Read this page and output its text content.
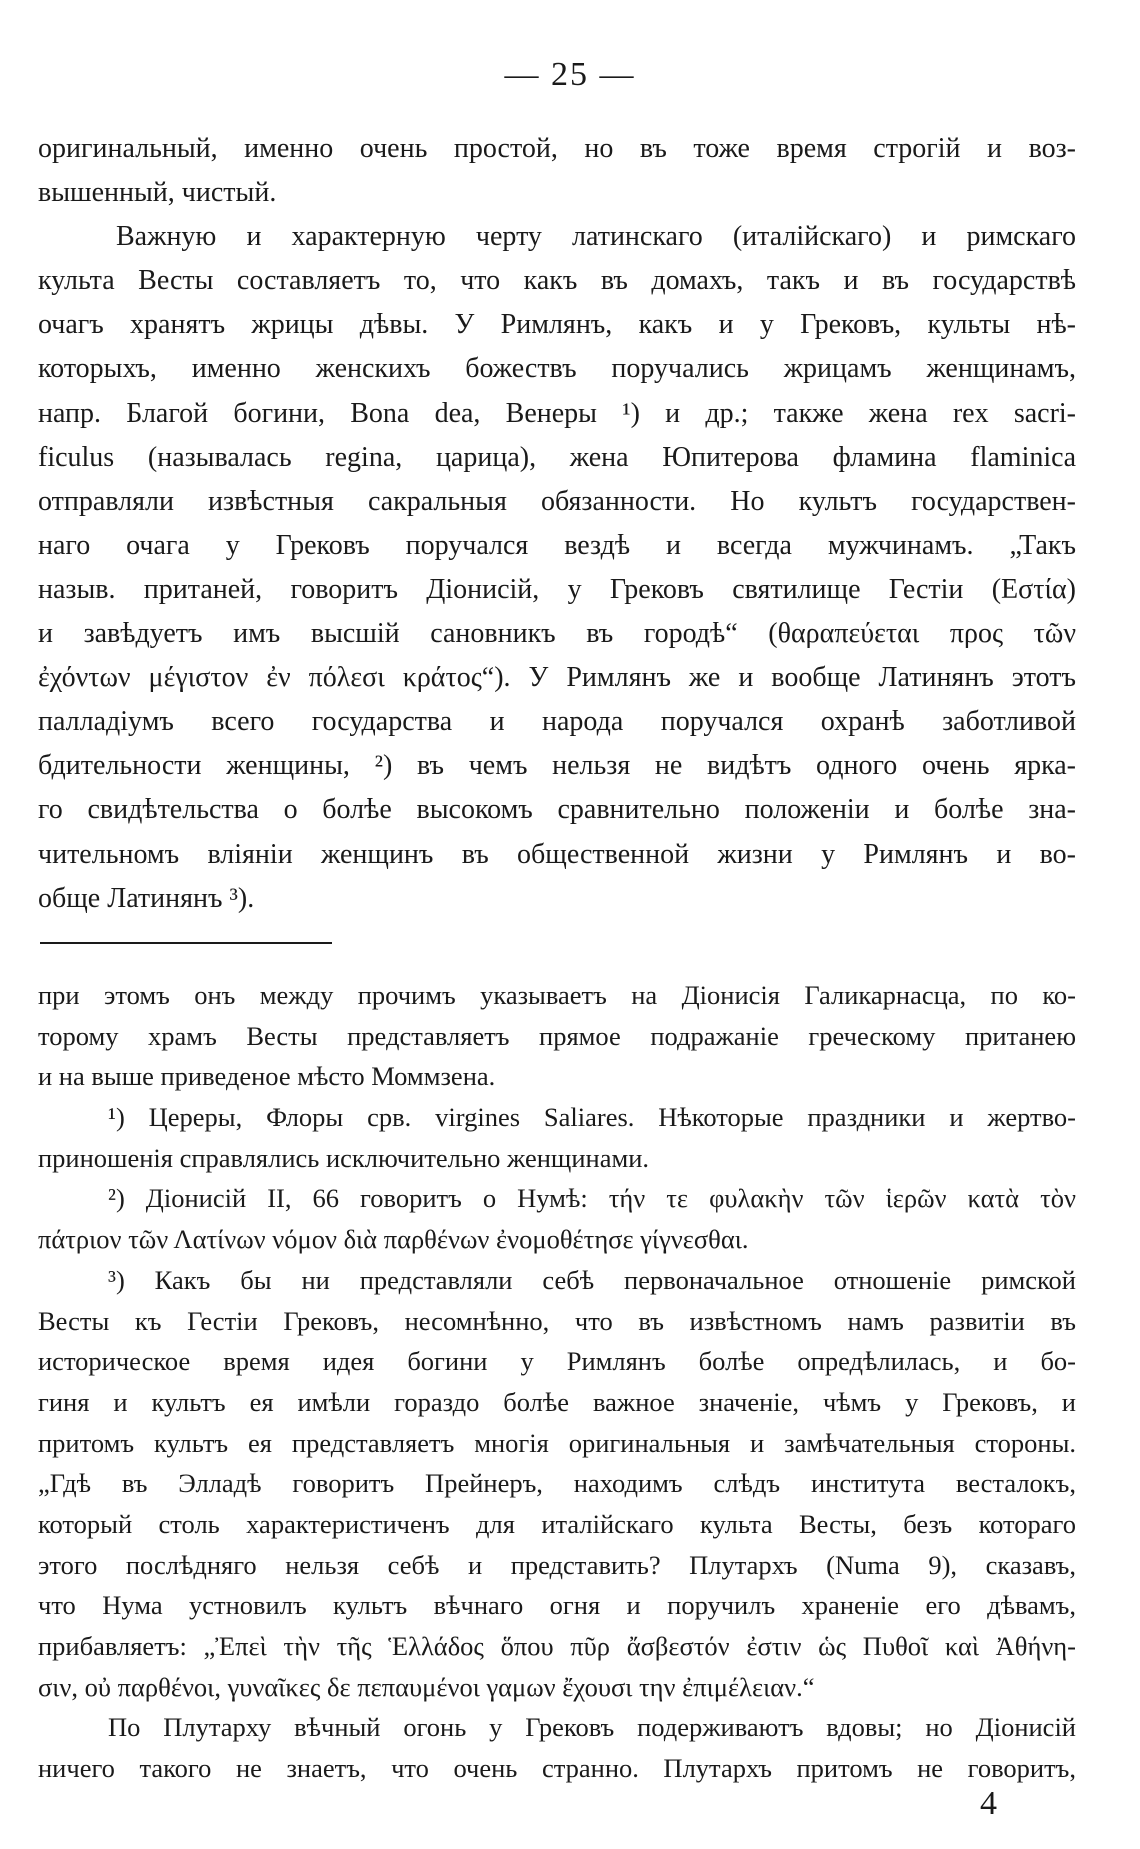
— 25 —
оригинальный, именно очень простой, но въ тоже время строгій и воз-
вышенный, чистый.
Важную и характерную черту латинскаго (италійскаго) и римскаго
культа Весты составляетъ то, что какъ въ домахъ, такъ и въ государствѣ
очагъ хранятъ жрицы дѣвы. У Римлянъ, какъ и у Грековъ, культы нѣ-
которыхъ, именно женскихъ божествъ поручались жрицамъ женщинамъ,
напр. Благой богини, Bona dea, Венеры ¹) и др.; также жена rex sacri-
ficulus (называлась regina, царица), жена Юпитерова фламина flaminica
отправляли извѣстныя сакральныя обязанности. Но культъ государствен-
наго очага у Грековъ поручался вездѣ и всегда мужчинамъ. „Такъ
назыв. пританей, говоритъ Діонисій, у Грековъ святилище Гестіи (Εστία)
и завѣдуетъ имъ высшій сановникъ въ городѣ“ (θαραπεύεται προς τῶν
ἐχόντων μέγιστον ἐν πόλεσι κράτος“). У Римлянъ же и вообще Латинянъ этотъ
палладіумъ всего государства и народа поручался охранѣ заботливой
бдительности женщины, ²) въ чемъ нельзя не видѣтъ одного очень ярка-
го свидѣтельства о болѣе высокомъ сравнительно положеніи и болѣе зна-
чительномъ вліяніи женщинъ въ общественной жизни у Римлянъ и во-
обще Латинянъ ³).
при этомъ онъ между прочимъ указываетъ на Діонисія Галикарнасца, по ко-
торому храмъ Весты представляетъ прямое подражаніе греческому пританею
и на выше приведеное мѣсто Моммзена.
¹) Цереры, Флоры срв. virgines Saliares. Нѣкоторые праздники и жертво-
приношенія справлялись исключительно женщинами.
²) Діонисій II, 66 говоритъ о Нумѣ: τήν τε φυλακὴν τῶν ἱερῶν κατὰ τὸν
πάτριον τῶν Λατίνων νόμον διὰ παρθένων ἐνομοθέτησε γίγνεσθαι.
³) Какъ бы ни представляли себѣ первоначальное отношеніе римской
Весты къ Гестіи Грековъ, несомнѣнно, что въ извѣстномъ намъ развитіи въ
историческое время идея богини у Римлянъ болѣе опредѣлилась, и бо-
гиня и культъ ея имѣли гораздо болѣе важное значеніе, чѣмъ у Грековъ, и
притомъ культъ ея представляетъ многія оригинальныя и замѣчательныя стороны.
„Гдѣ въ Элладѣ говоритъ Прейнеръ, находимъ слѣдъ института весталокъ,
который столь характеристиченъ для италійскаго культа Весты, безъ котораго
этого послѣдняго нельзя себѣ и представить? Плутархъ (Numa 9), сказавъ,
что Нума устновилъ культъ вѣчнаго огня и поручилъ храненіе его дѣвамъ,
прибавляетъ: „Ἐπεὶ τὴν τῆς Ἑλλάδος ὅπου πῦρ ἄσβεστόν ἐστιν ὡς Πυθοῖ καὶ Ἀθήνη-
σιν, οὐ παρθένοι, γυναῖκες δε πεπαυμένοι γαμων ἔχουσι την ἐπιμέλειαν.“
По Плутарху вѣчный огонь у Грековъ подерживаютъ вдовы; но Діонисій
ничего такого не знаетъ, что очень странно. Плутархъ притомъ не говоритъ,
4
